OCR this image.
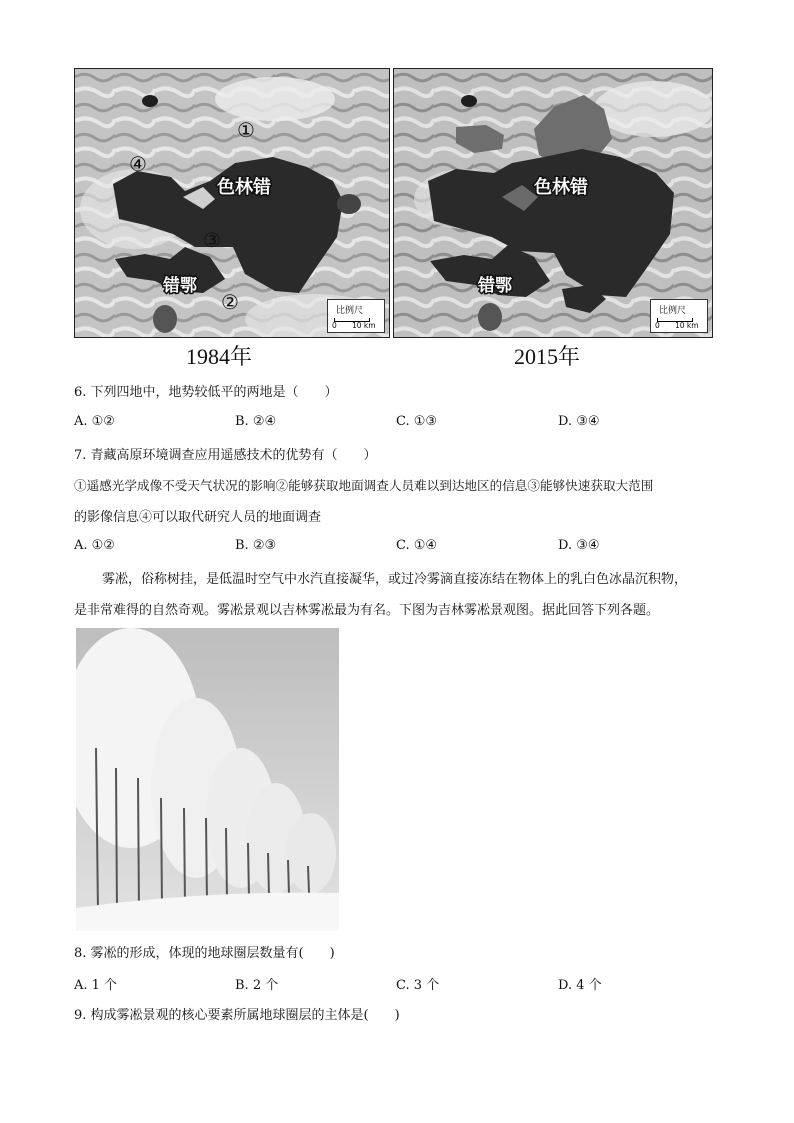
色林错
错鄂
①
②
③
④
比例尺
0 10 km
1984年
色林错
错鄂
比例尺
0 10 km
2015年
6. 下列四地中，地势较低平的两地是（　　）
A. ①②	B. ②④	C. ①③	D. ③④
7. 青藏高原环境调查应用遥感技术的优势有（　　）
①遥感光学成像不受天气状况的影响②能够获取地面调查人员难以到达地区的信息③能够快速获取大范围
的影像信息④可以取代研究人员的地面调查
A. ①②	B. ②③	C. ①④	D. ③④
雾凇，俗称树挂，是低温时空气中水汽直接凝华，或过冷雾滴直接冻结在物体上的乳白色冰晶沉积物，
是非常难得的自然奇观。雾凇景观以吉林雾凇最为有名。下图为吉林雾凇景观图。据此回答下列各题。
8. 雾凇的形成，体现的地球圈层数量有(　　)
A. 1 个	B. 2 个	C. 3 个	D. 4 个
9. 构成雾凇景观的核心要素所属地球圈层的主体是(　　)
